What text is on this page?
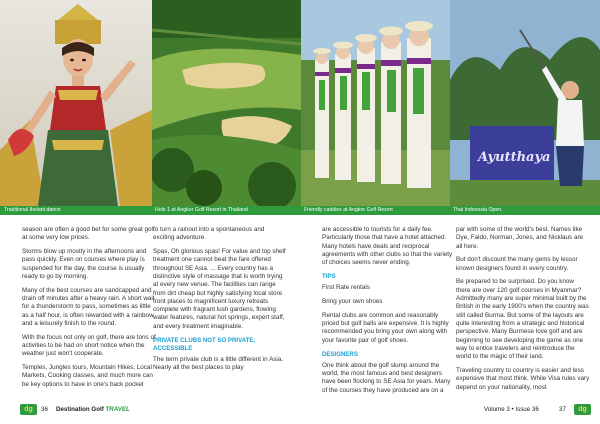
Ayutthaya
Traditional Ibelant dance	Hole 1 at Angkor Golf Resort in Thailand	Friendly caddies at Angkor Golf Resort	Thai Indonesia Open.

season are often a good bet for some great golf at some very low prices.

Storms blow up mostly in the afternoons and pass quickly. Even on courses where play is suspended for the day, the course is usually ready to go by morning.

Many of the best courses are sandcapped and drain off minutes after a heavy rain. A short wait for a thunderstorm to pass, sometimes as little as a half hour, is often rewarded with a rainbow and a leisurely finish to the round.

With the focus not only on golf, there are tons of activities to be had on short notice when the weather just won't cooperate.

Temples, Jungles tours, Mountain Hikes, Local Markets, Cooking classes, and much more can be key options to have in one's back pocket

to turn a rainout into a spontaneous and exciting adventure.

Spas, Oh glorious spas! For value and top shelf treatment one cannot beat the fare offered throughout SE Asia. ... Every country has a distinctive style of massage that is worth trying at every new venue. The facilities can range from dirt cheap but highly satisfying local store front places to magnificent luxury retreats complete with fragrant lush gardens, flowing water features, natural hot springs, expert staff, and every treatment imaginable.

PRIVATE CLUBS NOT SO PRIVATE, ACCESSIBLE

The term private club is a little different in Asia. Nearly all the best places to play

are accessible to tourists for a daily fee. Particularly those that have a hotel attached. Many hotels have deals and reciprocal agreements with other clubs so that the variety of choices seems never ending.

TIPS

First Rate rentals

Bring your own shoes

Rental clubs are common and reasonably priced but golf balls are expensive. It is highly recommended you bring your own along with your favorite pair of golf shoes.

DESIGNERS

One think about the golf slump around the world, the most famous and best designers have been flocking to SE Asia for years. Many of the courses they have produced are on a

par with some of the world's best. Names like Dye, Faldo, Norman, Jones, and Nicklaus are all here.

But don't discount the many gems by lessor known designers found in every country.

Be prepared to be surprised. Do you know there are over 120 golf courses in Myanmar? Admittedly many are super minimal built by the British in the early 1900's when the country was still called Burma. But some of the layouts are quite interesting from a strategic and historical perspective. Many Burmese love golf and are beginning to see developing the game as one way to entice travelers and reintroduce the world to the magic of their land.

Traveling country to country is easier and less expensive that most think. While Visa rules vary depend on your nationality, most

dg	36 Destination Golf TRAVEL	Volume 3 • Issue 36	37	dg
